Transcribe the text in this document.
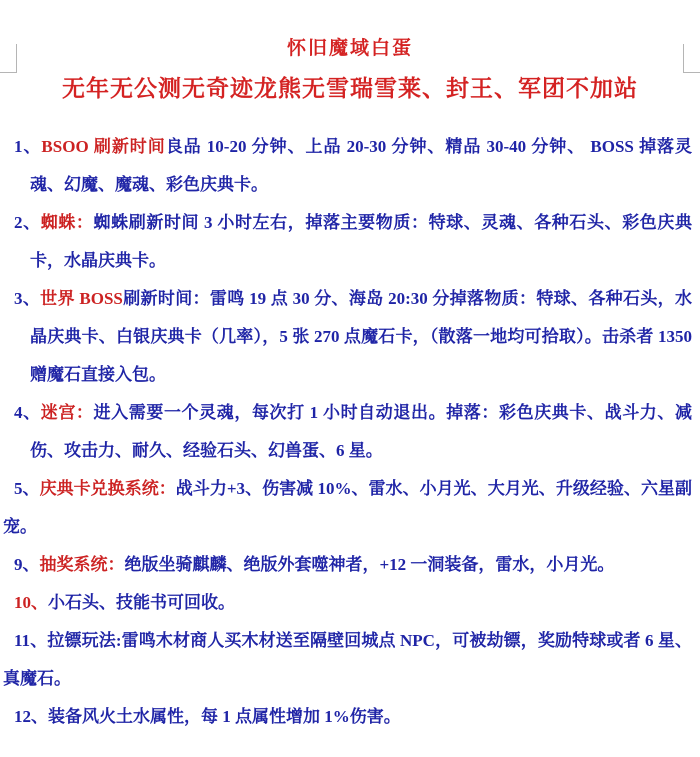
怀旧魔域白蛋
无年无公测无奇迹龙熊无雪瑞雪莱、封王、军团不加站

1、BSOO 刷新时间良品 10-20 分钟、上品 20-30 分钟、精品 30-40 分钟、 BOSS 掉落灵魂、幻魔、魔魂、彩色庆典卡。

2、蜘蛛：蜘蛛刷新时间 3 小时左右，掉落主要物质：特球、灵魂、各种石头、彩色庆典卡，水晶庆典卡。

3、世界 BOSS刷新时间：雷鸣 19 点 30 分、海岛 20:30 分掉落物质：特球、各种石头，水晶庆典卡、白银庆典卡（几率），5 张 270 点魔石卡，（散落一地均可拾取）。击杀者 1350 赠魔石直接入包。

4、迷宫：进入需要一个灵魂，每次打 1 小时自动退出。掉落：彩色庆典卡、战斗力、减伤、攻击力、耐久、经验石头、幻兽蛋、6 星。

5、庆典卡兑换系统：战斗力+3、伤害减 10%、雷水、小月光、大月光、升级经验、六星副宠。

9、抽奖系统：绝版坐骑麒麟、绝版外套噬神者，+12 一洞装备，雷水，小月光。

10、小石头、技能书可回收。

11、拉镖玩法:雷鸣木材商人买木材送至隔壁回城点 NPC，可被劫镖，奖励特球或者 6 星、真魔石。

12、装备风火土水属性，每 1 点属性增加 1%伤害。
